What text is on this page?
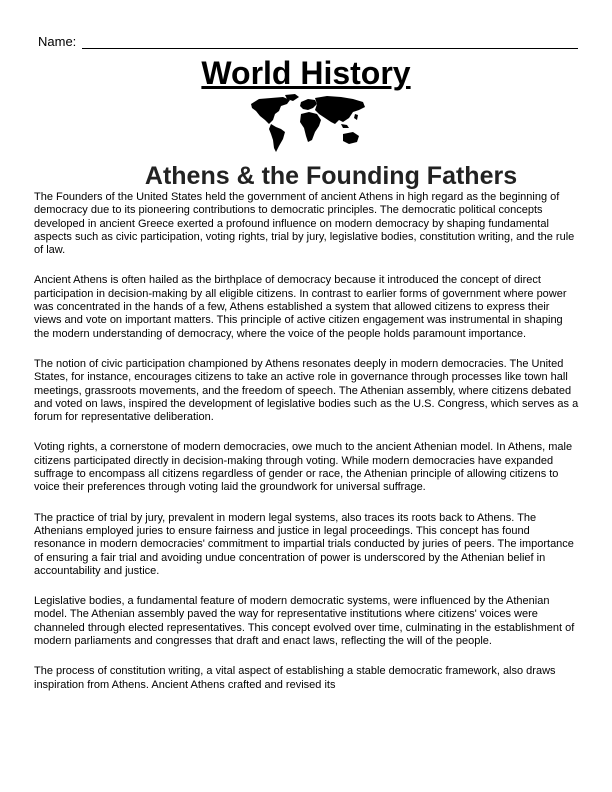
Name:
World History
Athens & the Founding Fathers

The Founders of the United States held the government of ancient Athens in high regard as the beginning of democracy due to its pioneering contributions to democratic principles. The democratic political concepts developed in ancient Greece exerted a profound influence on modern democracy by shaping fundamental aspects such as civic participation, voting rights, trial by jury, legislative bodies, constitution writing, and the rule of law.

Ancient Athens is often hailed as the birthplace of democracy because it introduced the concept of direct participation in decision-making by all eligible citizens. In contrast to earlier forms of government where power was concentrated in the hands of a few, Athens established a system that allowed citizens to express their views and vote on important matters. This principle of active citizen engagement was instrumental in shaping the modern understanding of democracy, where the voice of the people holds paramount importance.

The notion of civic participation championed by Athens resonates deeply in modern democracies. The United States, for instance, encourages citizens to take an active role in governance through processes like town hall meetings, grassroots movements, and the freedom of speech. The Athenian assembly, where citizens debated and voted on laws, inspired the development of legislative bodies such as the U.S. Congress, which serves as a forum for representative deliberation.

Voting rights, a cornerstone of modern democracies, owe much to the ancient Athenian model. In Athens, male citizens participated directly in decision-making through voting. While modern democracies have expanded suffrage to encompass all citizens regardless of gender or race, the Athenian principle of allowing citizens to voice their preferences through voting laid the groundwork for universal suffrage.

The practice of trial by jury, prevalent in modern legal systems, also traces its roots back to Athens. The Athenians employed juries to ensure fairness and justice in legal proceedings. This concept has found resonance in modern democracies' commitment to impartial trials conducted by juries of peers. The importance of ensuring a fair trial and avoiding undue concentration of power is underscored by the Athenian belief in accountability and justice.

Legislative bodies, a fundamental feature of modern democratic systems, were influenced by the Athenian model. The Athenian assembly paved the way for representative institutions where citizens' voices were channeled through elected representatives. This concept evolved over time, culminating in the establishment of modern parliaments and congresses that draft and enact laws, reflecting the will of the people.

The process of constitution writing, a vital aspect of establishing a stable democratic framework, also draws inspiration from Athens. Ancient Athens crafted and revised its
